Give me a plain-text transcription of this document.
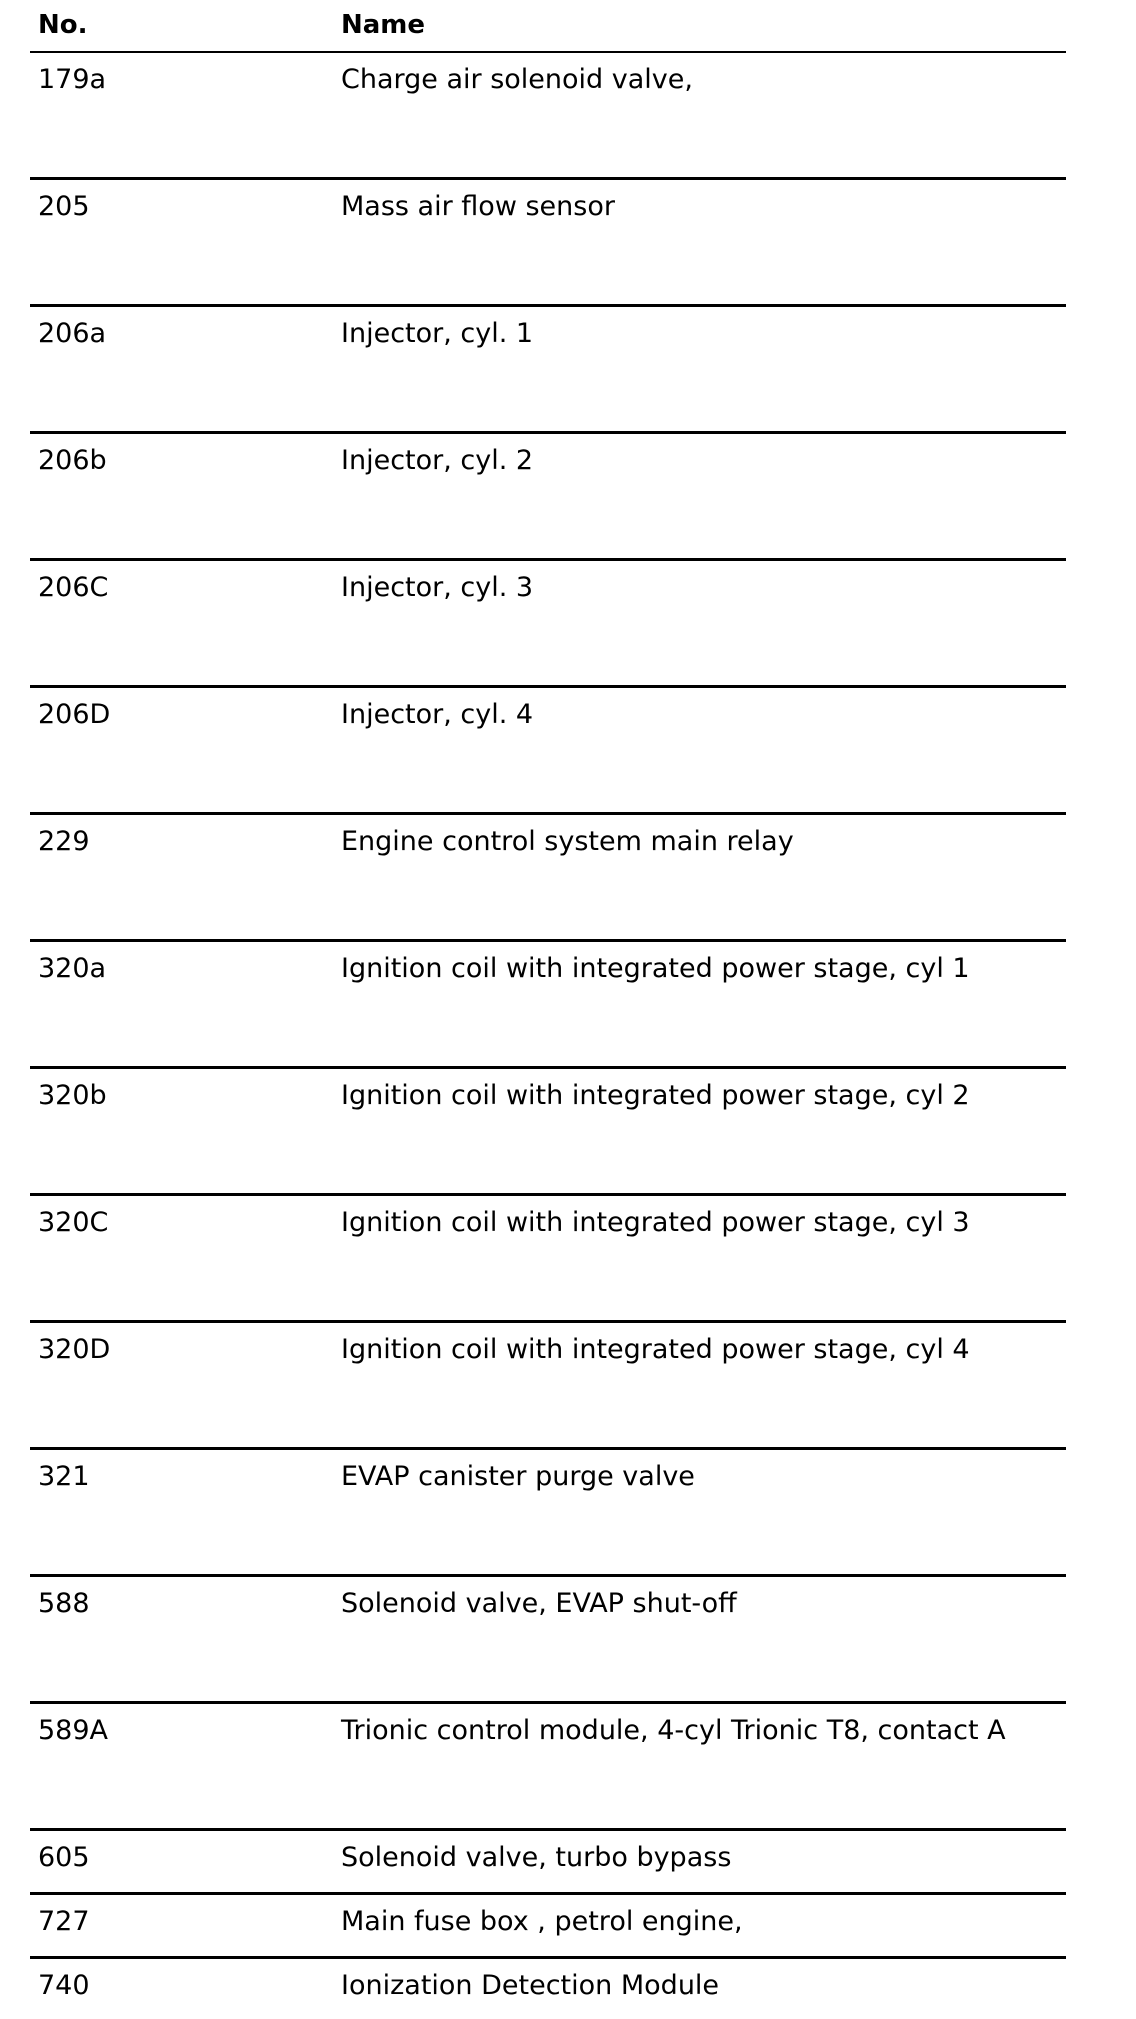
No.	Name
179a	Charge air solenoid valve,
205	Mass air flow sensor
206a	Injector, cyl. 1
206b	Injector, cyl. 2
206C	Injector, cyl. 3
206D	Injector, cyl. 4
229	Engine control system main relay
320a	Ignition coil with integrated power stage, cyl 1
320b	Ignition coil with integrated power stage, cyl 2
320C	Ignition coil with integrated power stage, cyl 3
320D	Ignition coil with integrated power stage, cyl 4
321	EVAP canister purge valve
588	Solenoid valve, EVAP shut-off
589A	Trionic control module, 4-cyl Trionic T8, contact A
605	Solenoid valve, turbo bypass
727	Main fuse box , petrol engine,
740	Ionization Detection Module
